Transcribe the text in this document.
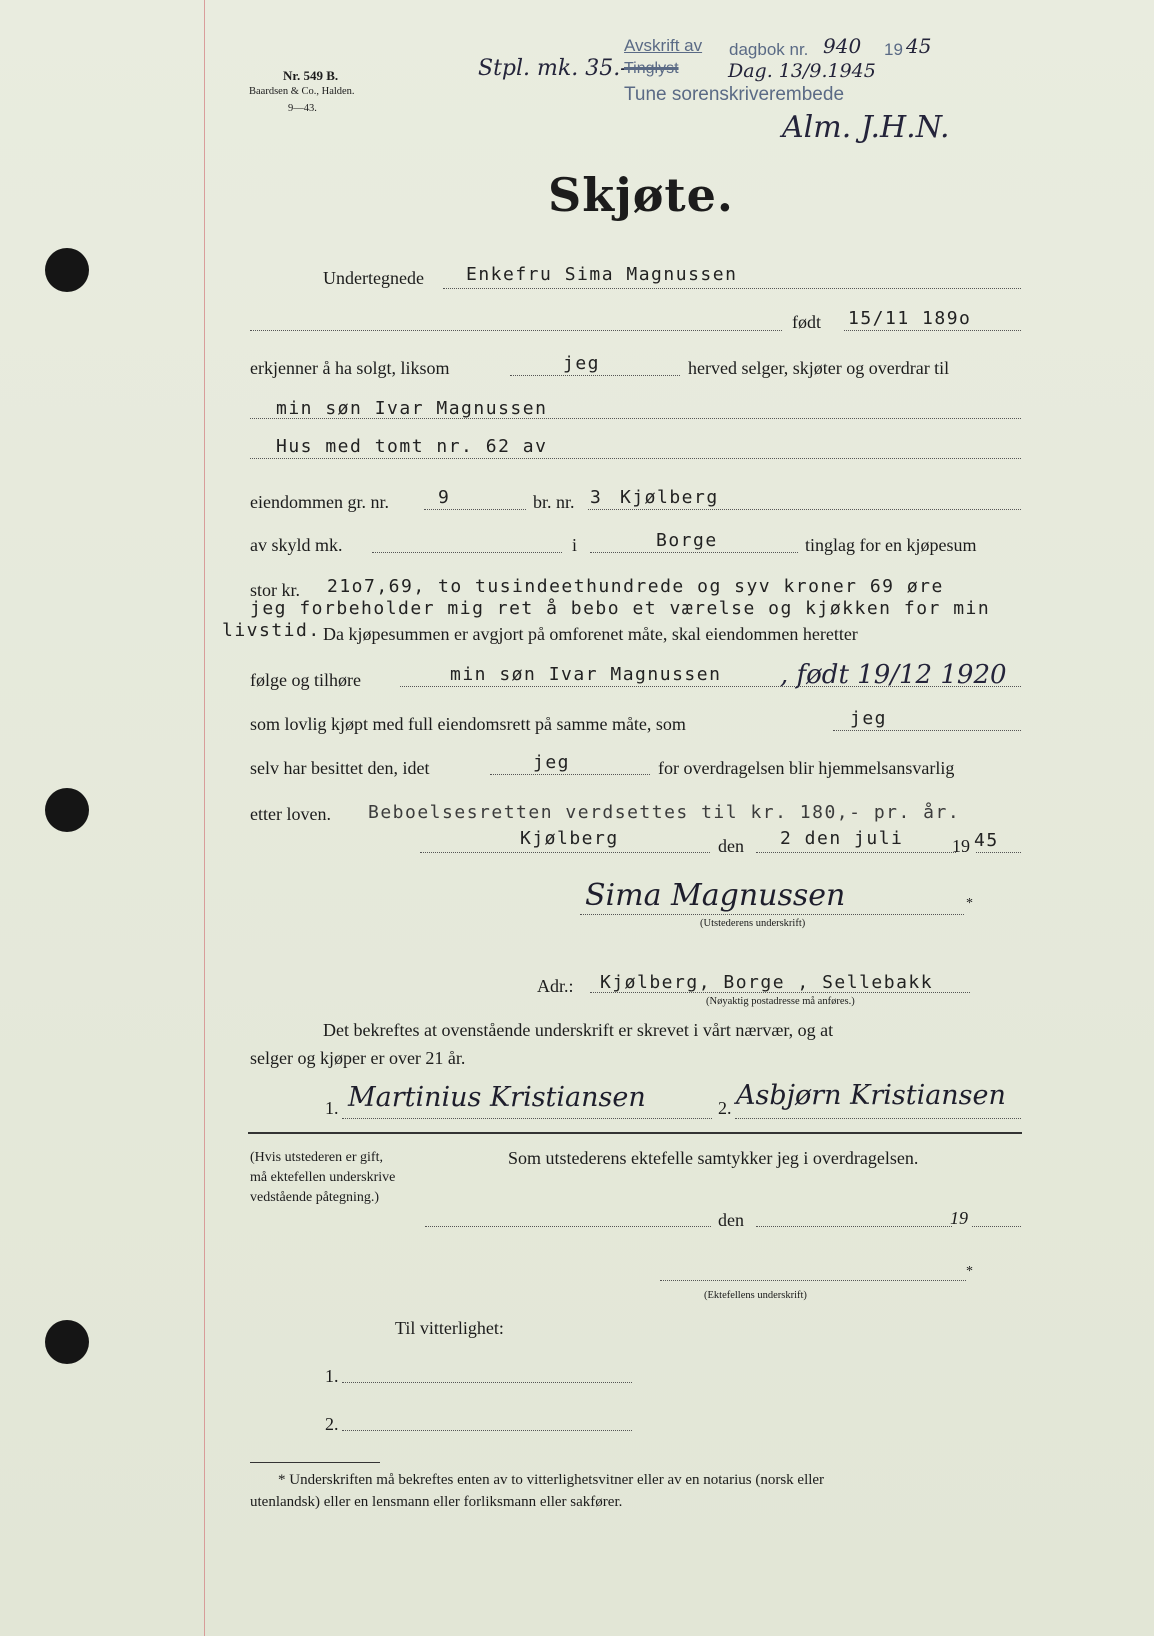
Nr. 549 B.
Baardsen & Co., Halden.
9—43.
Stpl. mk. 35.-
Avskrift av dagbok nr. 940 19 45
Tinglyst	Dag. 13/9.1945
Tune sorenskriverembede
Alm. J.H.N.
Skjøte.
Undertegnede Enkefru Sima Magnussen
født 15/11 189o
erkjenner å ha solgt, liksom	jeg	herved selger, skjøter og overdrar til
min søn Ivar Magnussen
Hus med tomt nr. 62 av
eiendommen gr. nr.	9	br. nr. 3 Kjølberg
av skyld mk.	i	Borge	tinglag for en kjøpesum
stor kr. 21o7,69, to tusindeethundrede og syv kroner 69 øre
jeg forbeholder mig ret å bebo et værelse og kjøkken for min
livstid. Da kjøpesummen er avgjort på omforenet måte, skal eiendommen heretter
følge og tilhøre	min søn Ivar Magnussen , født 19/12 1920
som lovlig kjøpt med full eiendomsrett på samme måte, som	jeg
selv har besittet den, idet	jeg	for overdragelsen blir hjemmelsansvarlig
etter loven. Beboelsesretten verdsettes til kr. 180,- pr. år.
Kjølberg	den 2 den juli	19 45
Sima Magnussen	*
(Utstederens underskrift)
Adr.: Kjølberg, Borge , Sellebakk
(Nøyaktig postadresse må anføres.)
Det bekreftes at ovenstående underskrift er skrevet i vårt nærvær, og at
selger og kjøper er over 21 år.
1. Martinius Kristiansen	2. Asbjørn Kristiansen
(Hvis utstederen er gift,
må ektefellen underskrive
vedstående påtegning.)
Som utstederens ektefelle samtykker jeg i overdragelsen.
den	19
*
(Ektefellens underskrift)
Til vitterlighet:
1.
2.
* Underskriften må bekreftes enten av to vitterlighetsvitner eller av en notarius (norsk eller
utenlandsk) eller en lensmann eller forliksmann eller sakfører.
